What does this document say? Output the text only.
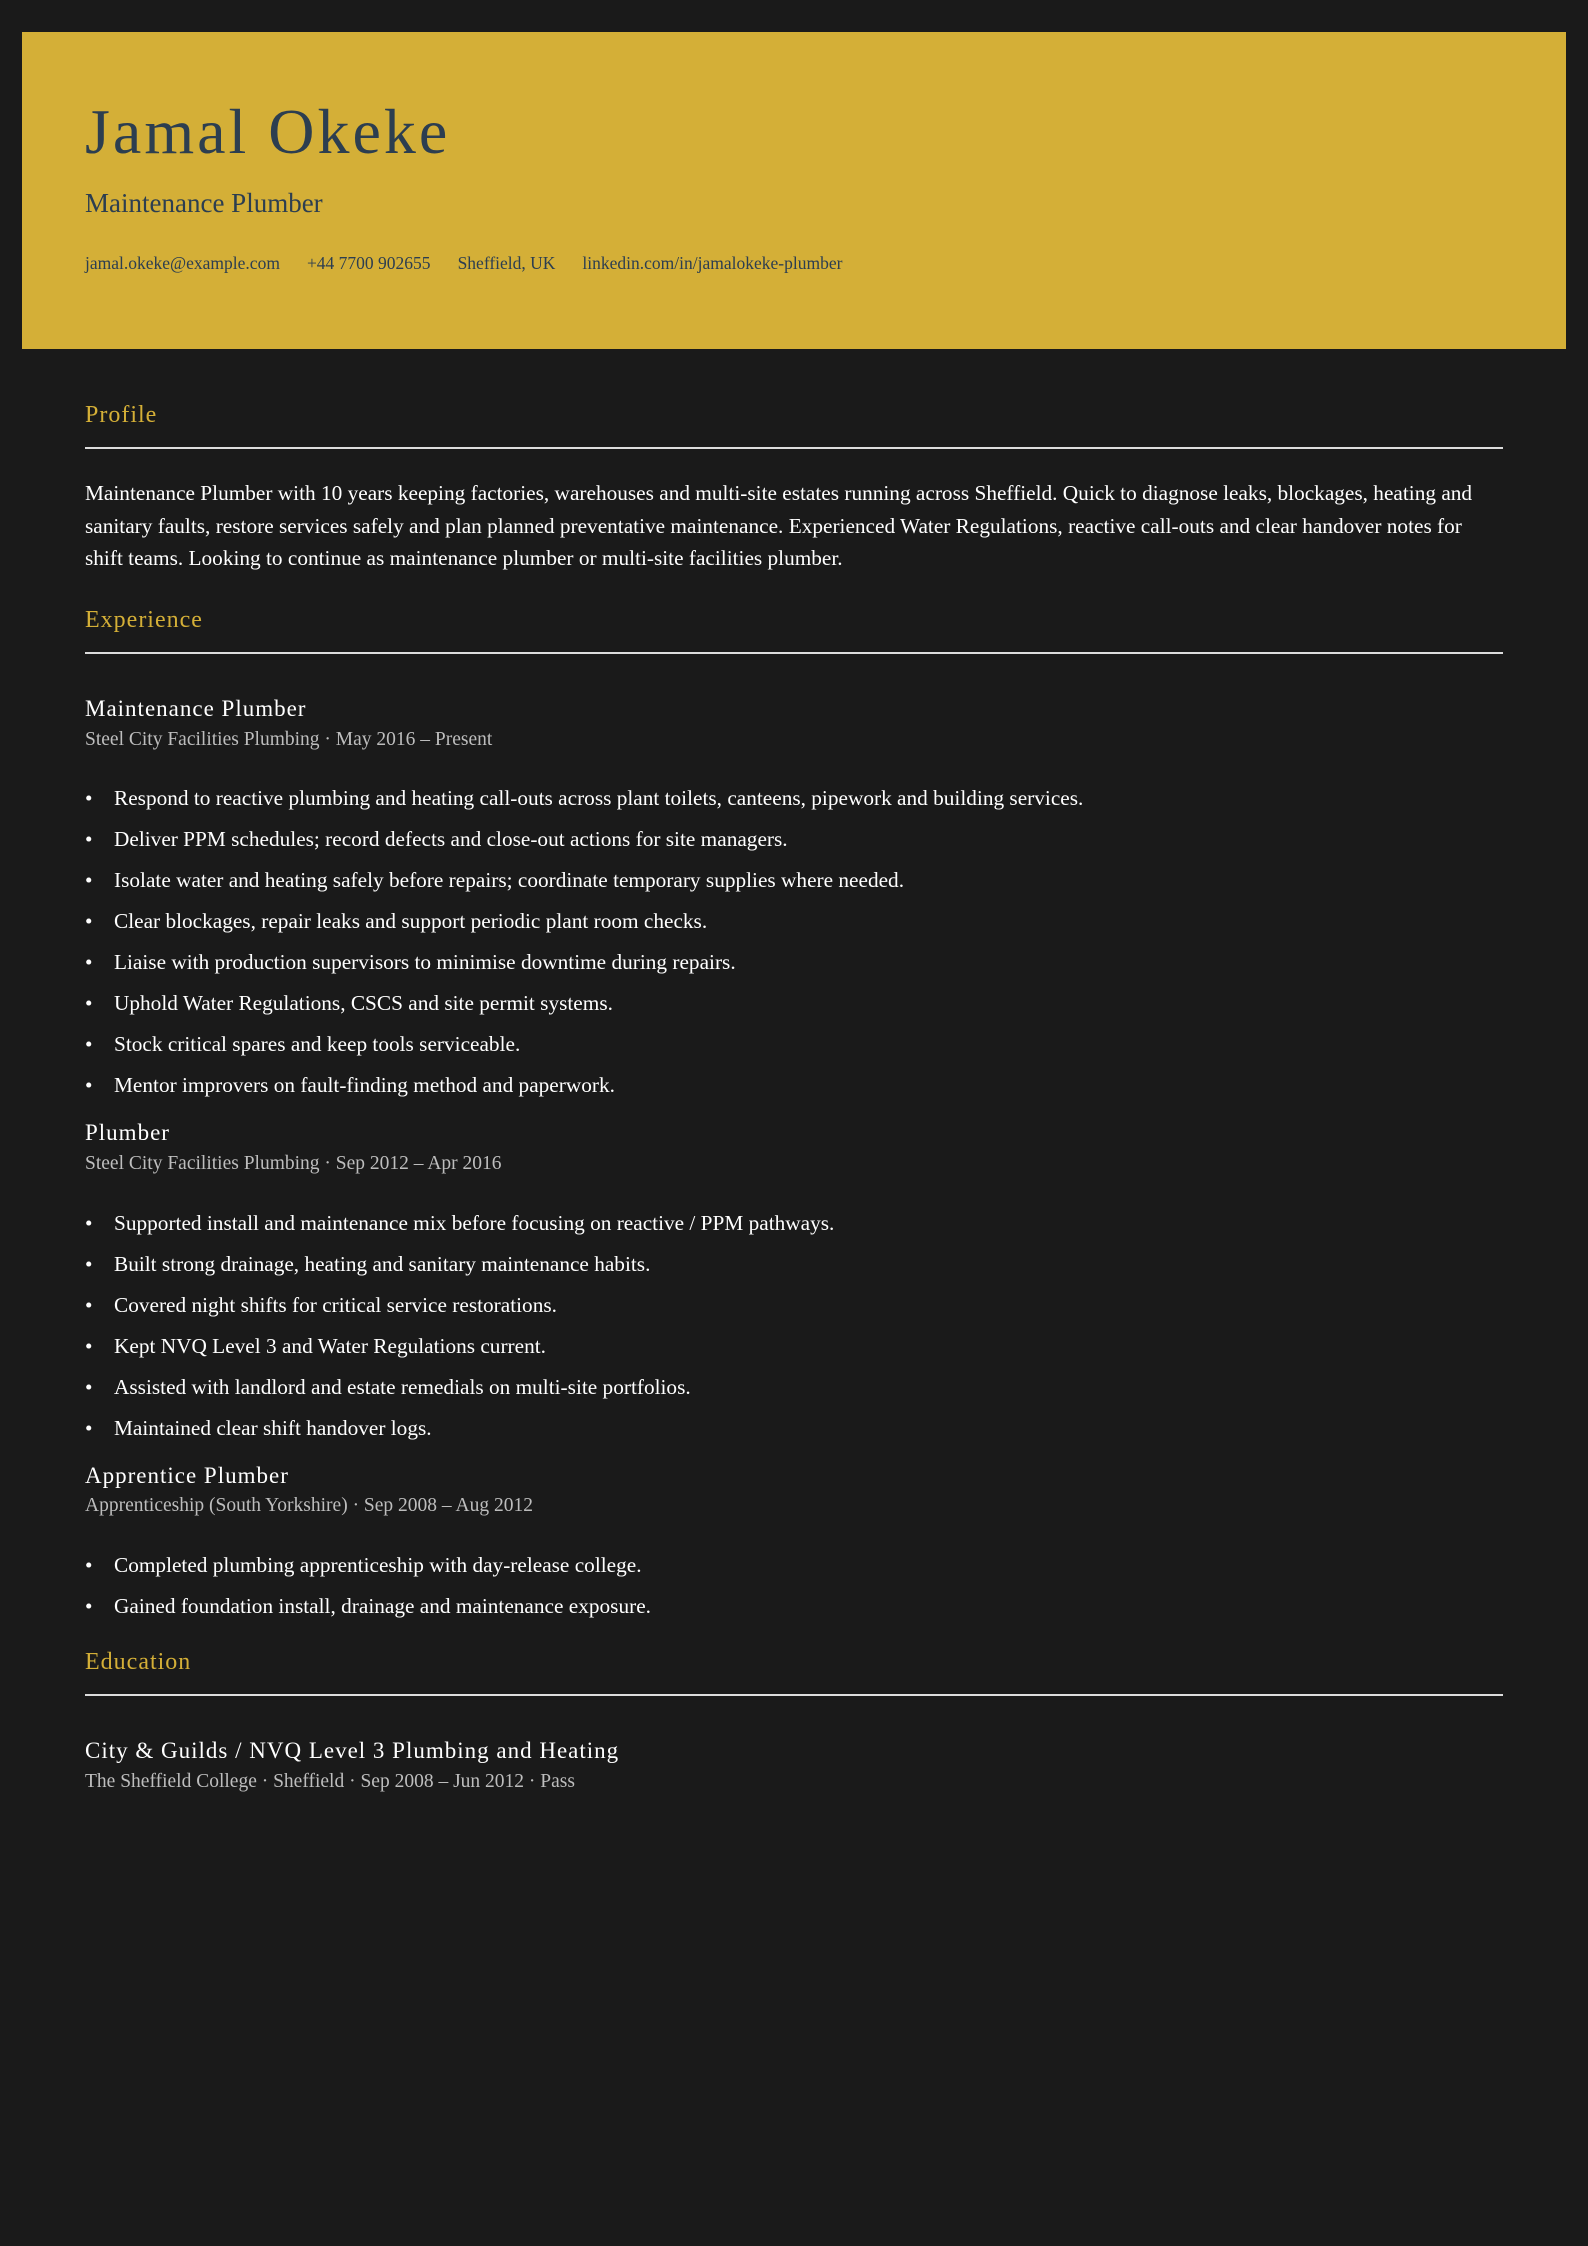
Jamal Okeke
Maintenance Plumber
jamal.okeke@example.com +44 7700 902655 Sheffield, UK linkedin.com/in/jamalokeke-plumber
Profile

Maintenance Plumber with 10 years keeping factories, warehouses and multi-site estates running across Sheffield. Quick to diagnose leaks, blockages, heating and sanitary faults, restore services safely and plan planned preventative maintenance. Experienced Water Regulations, reactive call-outs and clear handover notes for shift teams. Looking to continue as maintenance plumber or multi-site facilities plumber.

Experience
Maintenance Plumber
Steel City Facilities Plumbing · May 2016 – Present
• Respond to reactive plumbing and heating call-outs across plant toilets, canteens, pipework and building services.
• Deliver PPM schedules; record defects and close-out actions for site managers.
• Isolate water and heating safely before repairs; coordinate temporary supplies where needed.
• Clear blockages, repair leaks and support periodic plant room checks.
• Liaise with production supervisors to minimise downtime during repairs.
• Uphold Water Regulations, CSCS and site permit systems.
• Stock critical spares and keep tools serviceable.
• Mentor improvers on fault-finding method and paperwork.
Plumber
Steel City Facilities Plumbing · Sep 2012 – Apr 2016
• Supported install and maintenance mix before focusing on reactive / PPM pathways.
• Built strong drainage, heating and sanitary maintenance habits.
• Covered night shifts for critical service restorations.
• Kept NVQ Level 3 and Water Regulations current.
• Assisted with landlord and estate remedials on multi-site portfolios.
• Maintained clear shift handover logs.
Apprentice Plumber
Apprenticeship (South Yorkshire) · Sep 2008 – Aug 2012
• Completed plumbing apprenticeship with day-release college.
• Gained foundation install, drainage and maintenance exposure.
Education
City & Guilds / NVQ Level 3 Plumbing and Heating
The Sheffield College · Sheffield · Sep 2008 – Jun 2012 · Pass
